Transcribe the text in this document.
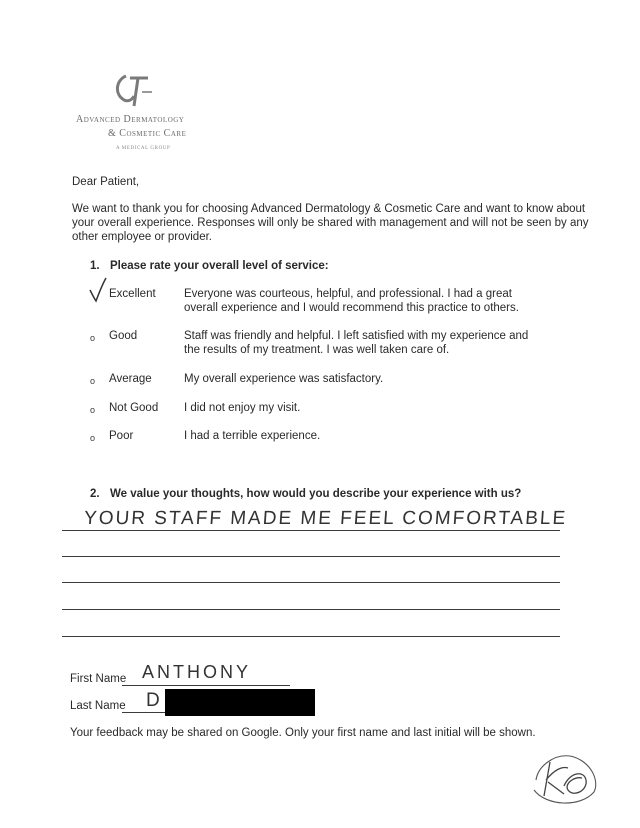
Advanced Dermatology
& Cosmetic Care
A MEDICAL GROUP
Dear Patient,
We want to thank you for choosing Advanced Dermatology & Cosmetic Care and want to know about
your overall experience. Responses will only be shared with management and will not be seen by any
other employee or provider.
1. Please rate your overall level of service:
Excellent Everyone was courteous, helpful, and professional. I had a great
overall experience and I would recommend this practice to others.
o Good	Staff was friendly and helpful. I left satisfied with my experience and
the results of my treatment. I was well taken care of.
o Average	My overall experience was satisfactory.
o Not Good I did not enjoy my visit.
o Poor	I had a terrible experience.
2. We value your thoughts, how would you describe your experience with us?
YOUR STAFF MADE ME FEEL COMFORTABLE
First Name ANTHONY
Last Name D
Your feedback may be shared on Google. Only your first name and last initial will be shown.
